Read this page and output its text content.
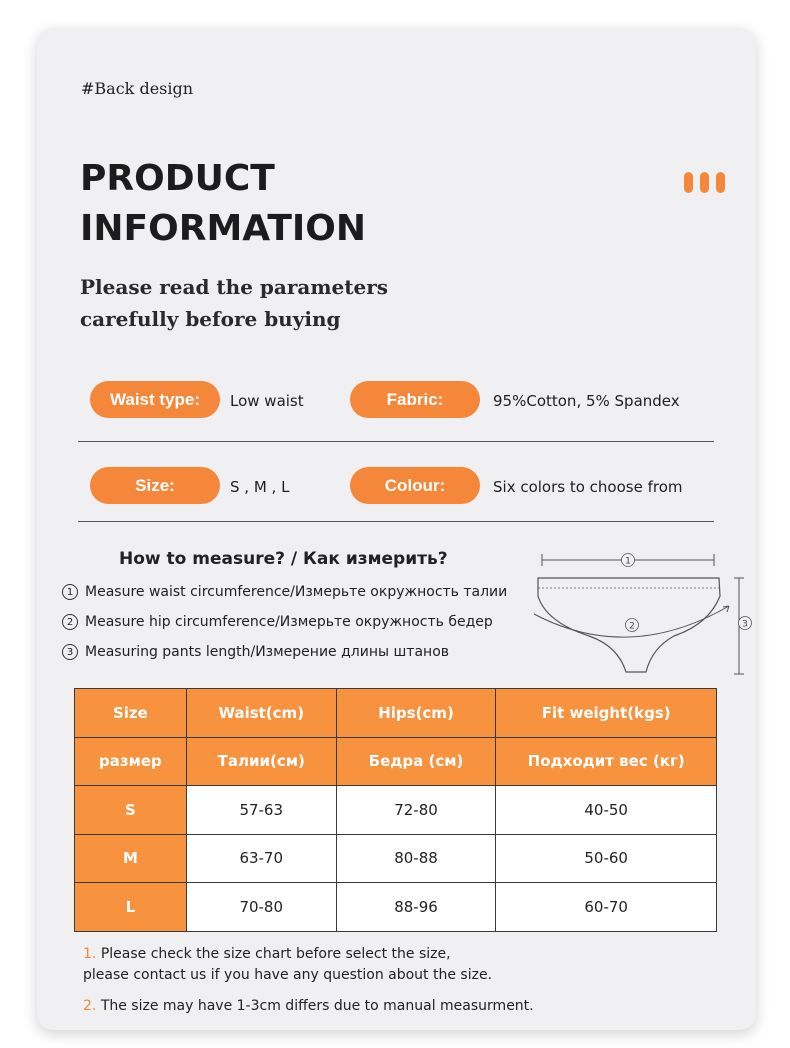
#Back design
PRODUCT
INFORMATION
Please read the parameters
carefully before buying
Waist type:	Low waist	Fabric:	95%Cotton, 5% Spandex
Size:	S , M , L	Colour:	Six colors to choose from
How to measure? / Как измерить?
1 Measure waist circumference/Измерьте окружность талии
2 Measure hip circumference/Измерьте окружность бедер
3 Measuring pants length/Измерение длины штанов
1
2	3
Size	Waist(cm)	Hips(cm)	Fit weight(kgs)
размер	Талии(см)	Бедра (см)	Подходит вес (кг)
S	57-63	72-80	40-50
M	63-70	80-88	50-60
L	70-80	88-96	60-70
1. Please check the size chart before select the size,
please contact us if you have any question about the size.
2. The size may have 1-3cm differs due to manual measurment.
